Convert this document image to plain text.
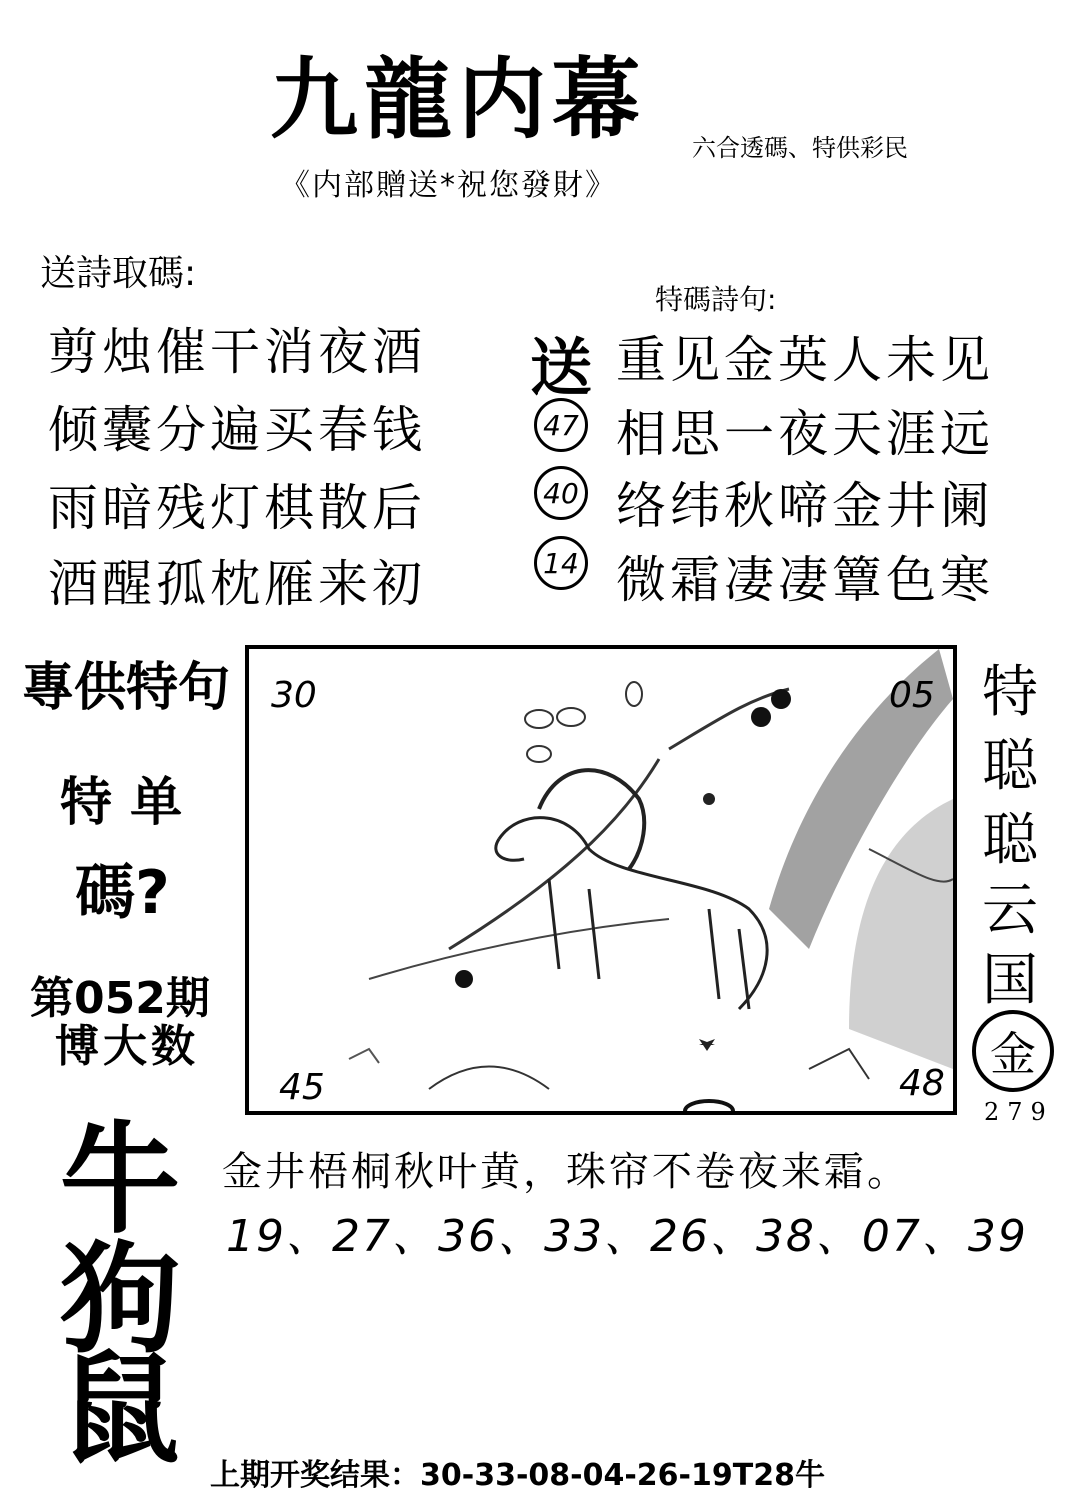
九龍内幕 六合透碼、特供彩民
《内部贈送*祝您發財》
送詩取碼:
剪烛催干消夜酒
倾囊分遍买春钱
雨暗残灯棋散后
酒醒孤枕雁来初
特碼詩句:
送
47
40
14
重见金英人未见
相思一夜天涯远
络纬秋啼金井阑
微霜凄凄簟色寒
專供特句
特 单
碼?
第052期
博大数
牛
狗
鼠
30	05
45	48
特
聪
聪
云
国
金
279
金井梧桐秋叶黄，珠帘不卷夜来霜。
19、27、36、33、26、38、07、39
上期开奖结果：30-33-08-04-26-19T28牛
